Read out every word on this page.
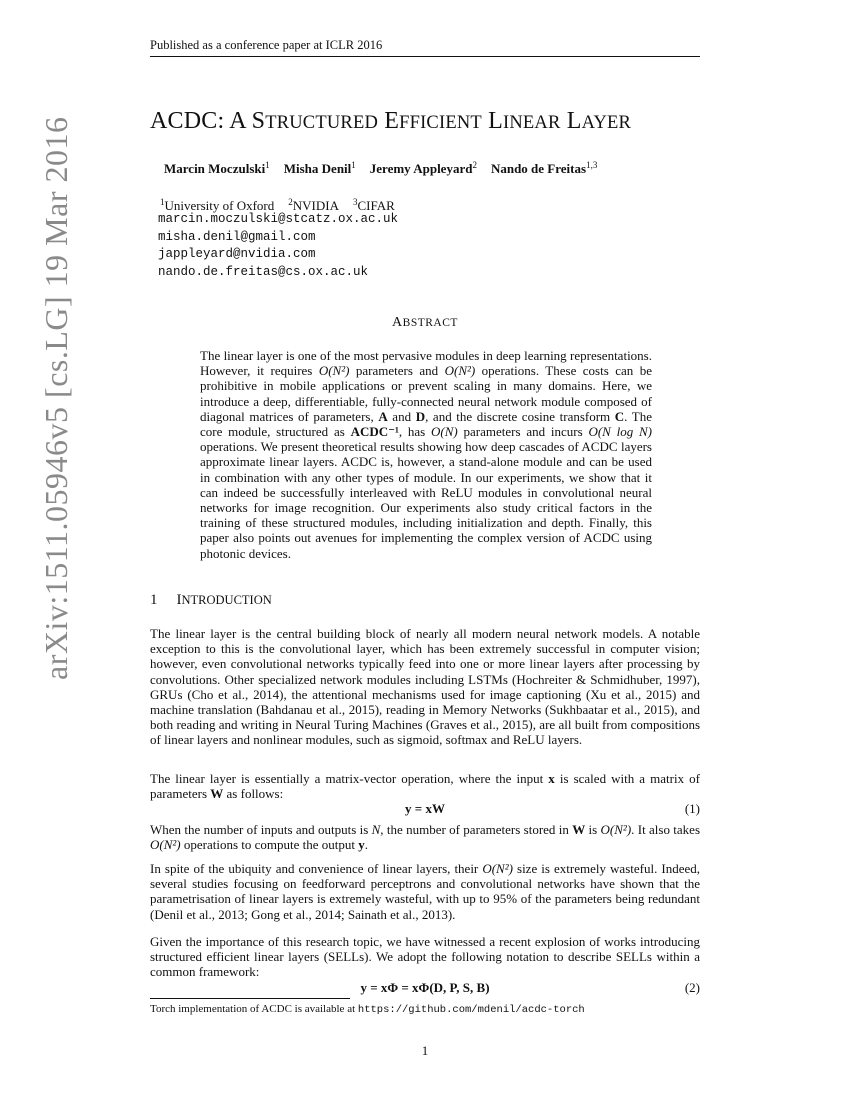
Published as a conference paper at ICLR 2016
arXiv:1511.05946v5 [cs.LG] 19 Mar 2016	ACDC: A STRUCTURED EFFICIENT LINEAR LAYER
Marcin Moczulski$^1$ Misha Denil$^1$ Jeremy Appleyard$^2$ Nando de Freitas$^{1,3}$
$^1$University of Oxford $^2$NVIDIA $^3$CIFAR
marcin.moczulski@stcatz.ox.ac.uk
misha.denil@gmail.com
jappleyard@nvidia.com
nando.de.freitas@cs.ox.ac.uk
ABSTRACT
The linear layer is one of the most pervasive modules in deep learning representations. However, it requires O(N²) parameters and O(N²) operations. These costs can be prohibitive in mobile applications or prevent scaling in many domains. Here, we introduce a deep, differentiable, fully-connected neural network module composed of diagonal matrices of parameters, A and D, and the discrete cosine transform C. The core module, structured as ACDC⁻¹, has O(N) parameters and incurs O(N log N) operations. We present theoretical results showing how deep cascades of ACDC layers approximate linear layers. ACDC is, however, a stand-alone module and can be used in combination with any other types of module. In our experiments, we show that it can indeed be successfully interleaved with ReLU modules in convolutional neural networks for image recognition. Our experiments also study critical factors in the training of these structured modules, including initialization and depth. Finally, this paper also points out avenues for implementing the complex version of ACDC using photonic devices.
1 INTRODUCTION
The linear layer is the central building block of nearly all modern neural network models. A notable exception to this is the convolutional layer, which has been extremely successful in computer vision; however, even convolutional networks typically feed into one or more linear layers after processing by convolutions. Other specialized network modules including LSTMs (Hochreiter & Schmidhuber, 1997), GRUs (Cho et al., 2014), the attentional mechanisms used for image captioning (Xu et al., 2015) and machine translation (Bahdanau et al., 2015), reading in Memory Networks (Sukhbaatar et al., 2015), and both reading and writing in Neural Turing Machines (Graves et al., 2015), are all built from compositions of linear layers and nonlinear modules, such as sigmoid, softmax and ReLU layers.
The linear layer is essentially a matrix-vector operation, where the input x is scaled with a matrix of parameters W as follows:
y = xW	(1)
When the number of inputs and outputs is N, the number of parameters stored in W is O(N²). It also takes O(N²) operations to compute the output y.
In spite of the ubiquity and convenience of linear layers, their O(N²) size is extremely wasteful. Indeed, several studies focusing on feedforward perceptrons and convolutional networks have shown that the parametrisation of linear layers is extremely wasteful, with up to 95% of the parameters being redundant (Denil et al., 2013; Gong et al., 2014; Sainath et al., 2013).
Given the importance of this research topic, we have witnessed a recent explosion of works introducing structured efficient linear layers (SELLs). We adopt the following notation to describe SELLs within a common framework:
y = xΦ = xΦ(D, P, S, B)	(2)
Torch implementation of ACDC is available at https://github.com/mdenil/acdc-torch
1
